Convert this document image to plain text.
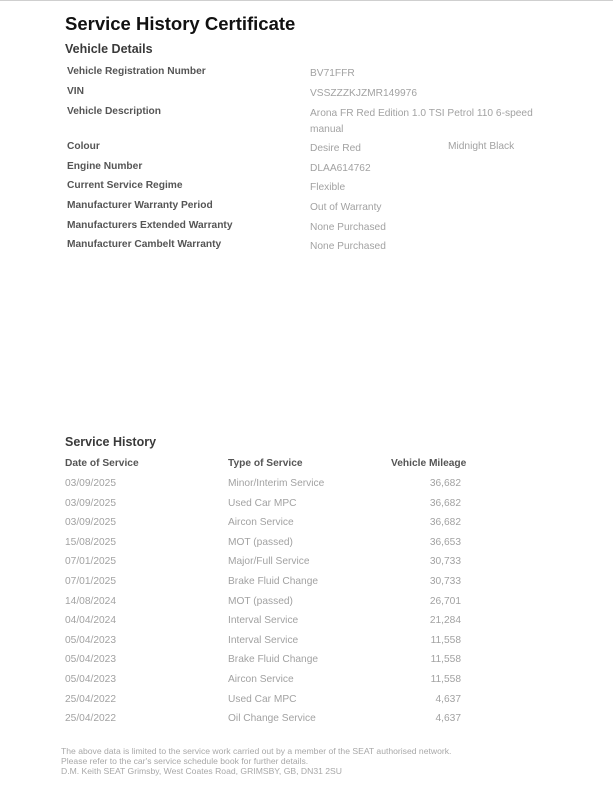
Service History Certificate
Vehicle Details
Vehicle Registration Number	BV71FFR
VIN	VSSZZZKJZMR149976
Vehicle Description	Arona FR Red Edition 1.0 TSI Petrol 110 6-speed manual
Colour	Desire Red	Midnight Black
Engine Number	DLAA614762
Current Service Regime	Flexible
Manufacturer Warranty Period	Out of Warranty
Manufacturers Extended Warranty	None Purchased
Manufacturer Cambelt Warranty	None Purchased
Service History
Date of Service	Type of Service	Vehicle Mileage
03/09/2025	Minor/Interim Service	36,682
03/09/2025	Used Car MPC	36,682
03/09/2025	Aircon Service	36,682
15/08/2025	MOT (passed)	36,653
07/01/2025	Major/Full Service	30,733
07/01/2025	Brake Fluid Change	30,733
14/08/2024	MOT (passed)	26,701
04/04/2024	Interval Service	21,284
05/04/2023	Interval Service	11,558
05/04/2023	Brake Fluid Change	11,558
05/04/2023	Aircon Service	11,558
25/04/2022	Used Car MPC	4,637
25/04/2022	Oil Change Service	4,637
The above data is limited to the service work carried out by a member of the SEAT authorised network.
Please refer to the car's service schedule book for further details.
D.M. Keith SEAT Grimsby, West Coates Road, GRIMSBY, GB, DN31 2SU
